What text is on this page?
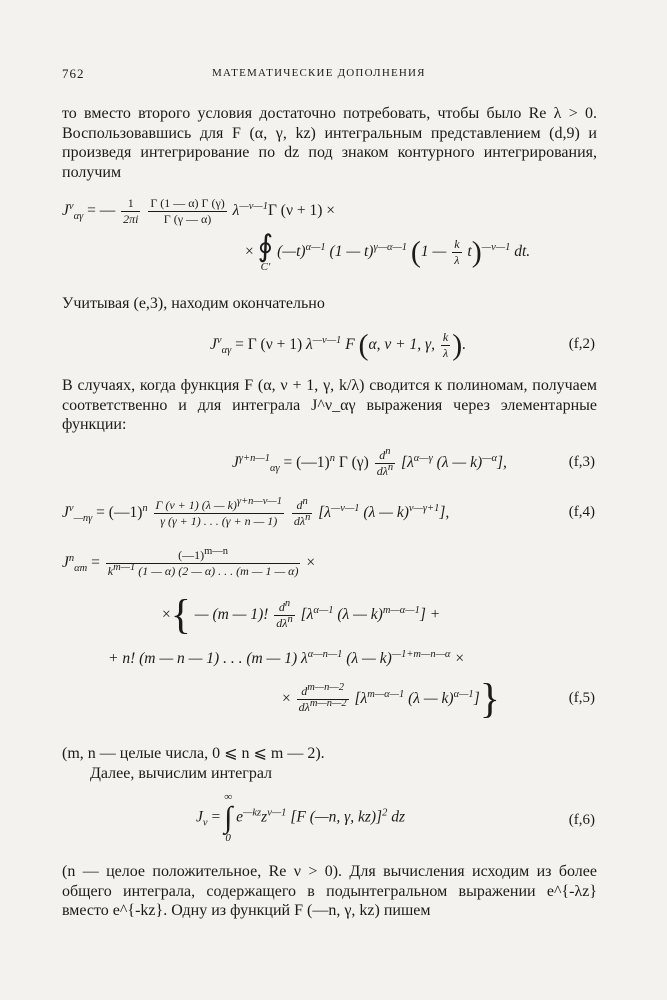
762	МАТЕМАТИЧЕСКИЕ ДОПОЛНЕНИЯ

то вместо второго условия достаточно потребовать, чтобы было Re λ > 0. Воспользовавшись для F (α, γ, kz) интегральным представлением (d,9) и произведя интегрирование по dz под знаком контурного интегрирования, получим

$J^\nu_{\alpha\gamma}$ = — $\frac{1}{2\pi i}$
$\frac{\Gamma (1 — \alpha) \Gamma (\gamma)}{\Gamma (\gamma — \alpha)} \lambda^{—\nu—1}\Gamma$ (ν + 1) ×
× ∮
C′
(—t)$^{\alpha—1}$ (1 — t)$^{\gamma—\alpha—1}$ (1 — $\frac{k}{\lambda} t)^{—\nu—1}$ dt.

Учитывая (e,3), находим окончательно

$J^\nu_{\alpha\gamma} = \Gamma$ (ν + 1) $\lambda^{—\nu—1}$ F (α, ν + 1, γ, $\frac{k}{\lambda}$ ).	(f,2)

В случаях, когда функция F (α, ν + 1, γ, k/λ) сводится к полиномам, получаем соответственно и для интеграла J^ν_αγ выражения через элементарные функции:

$J^{\gamma+n—1}_{\alpha\gamma}$ = (—1)$^n$ Γ $(\gamma) \frac{d^n}{d\lambda^n} [\lambda^{\alpha—\gamma}$ (λ — k)$^{—\alpha}$],	(f,3)
$J^\nu_{—n\gamma}$ = (—1)$^n$ $\frac{\Gamma (\nu + 1) (\lambda — k)^{\gamma+n—\nu—1}}{\gamma (\gamma + 1) . . . (\gamma + n — 1)}$
$\frac{d^n}{d\lambda^n} [\lambda^{—\nu—1}$ (λ — k)$^{\nu—\gamma+1}$],	(f,4)
$J^n_{\alpha m} = \frac{(—1)^{m—n}}{k^{m—1} (1 — \alpha) (2 — \alpha) . . . (m — 1 — \alpha)}$ ×
×{ — (m — 1)! $\frac{d^n}{d\lambda^n} [\lambda^{\alpha—1}$ (λ — k)$^{m—\alpha—1}$] +
+ n! (m — n — 1) . . . (m — 1) $\lambda^{\alpha—n—1}$ (λ — k)$^{—1+m—n—\alpha}$ ×
× $\frac{d^{m—n—2}}{d\lambda^{m—n—2}} [\lambda^{m—\alpha—1}$ (λ — k)$^{\alpha—1}$]}	(f,5)

(m, n — целые числа, 0 ⩽ n ⩽ m — 2).

Далее, вычислим интеграл

$J_\nu$ =
∞
∫
0
$e^{—kz}z^{\nu—1}$ [F (—n, γ, kz)]$^2$ dz	(f,6)

(n — целое положительное, Re ν > 0). Для вычисления исходим из более общего интеграла, содержащего в подынтегральном выражении e^{-λz} вместо e^{-kz}. Одну из функций F (—n, γ, kz) пишем
